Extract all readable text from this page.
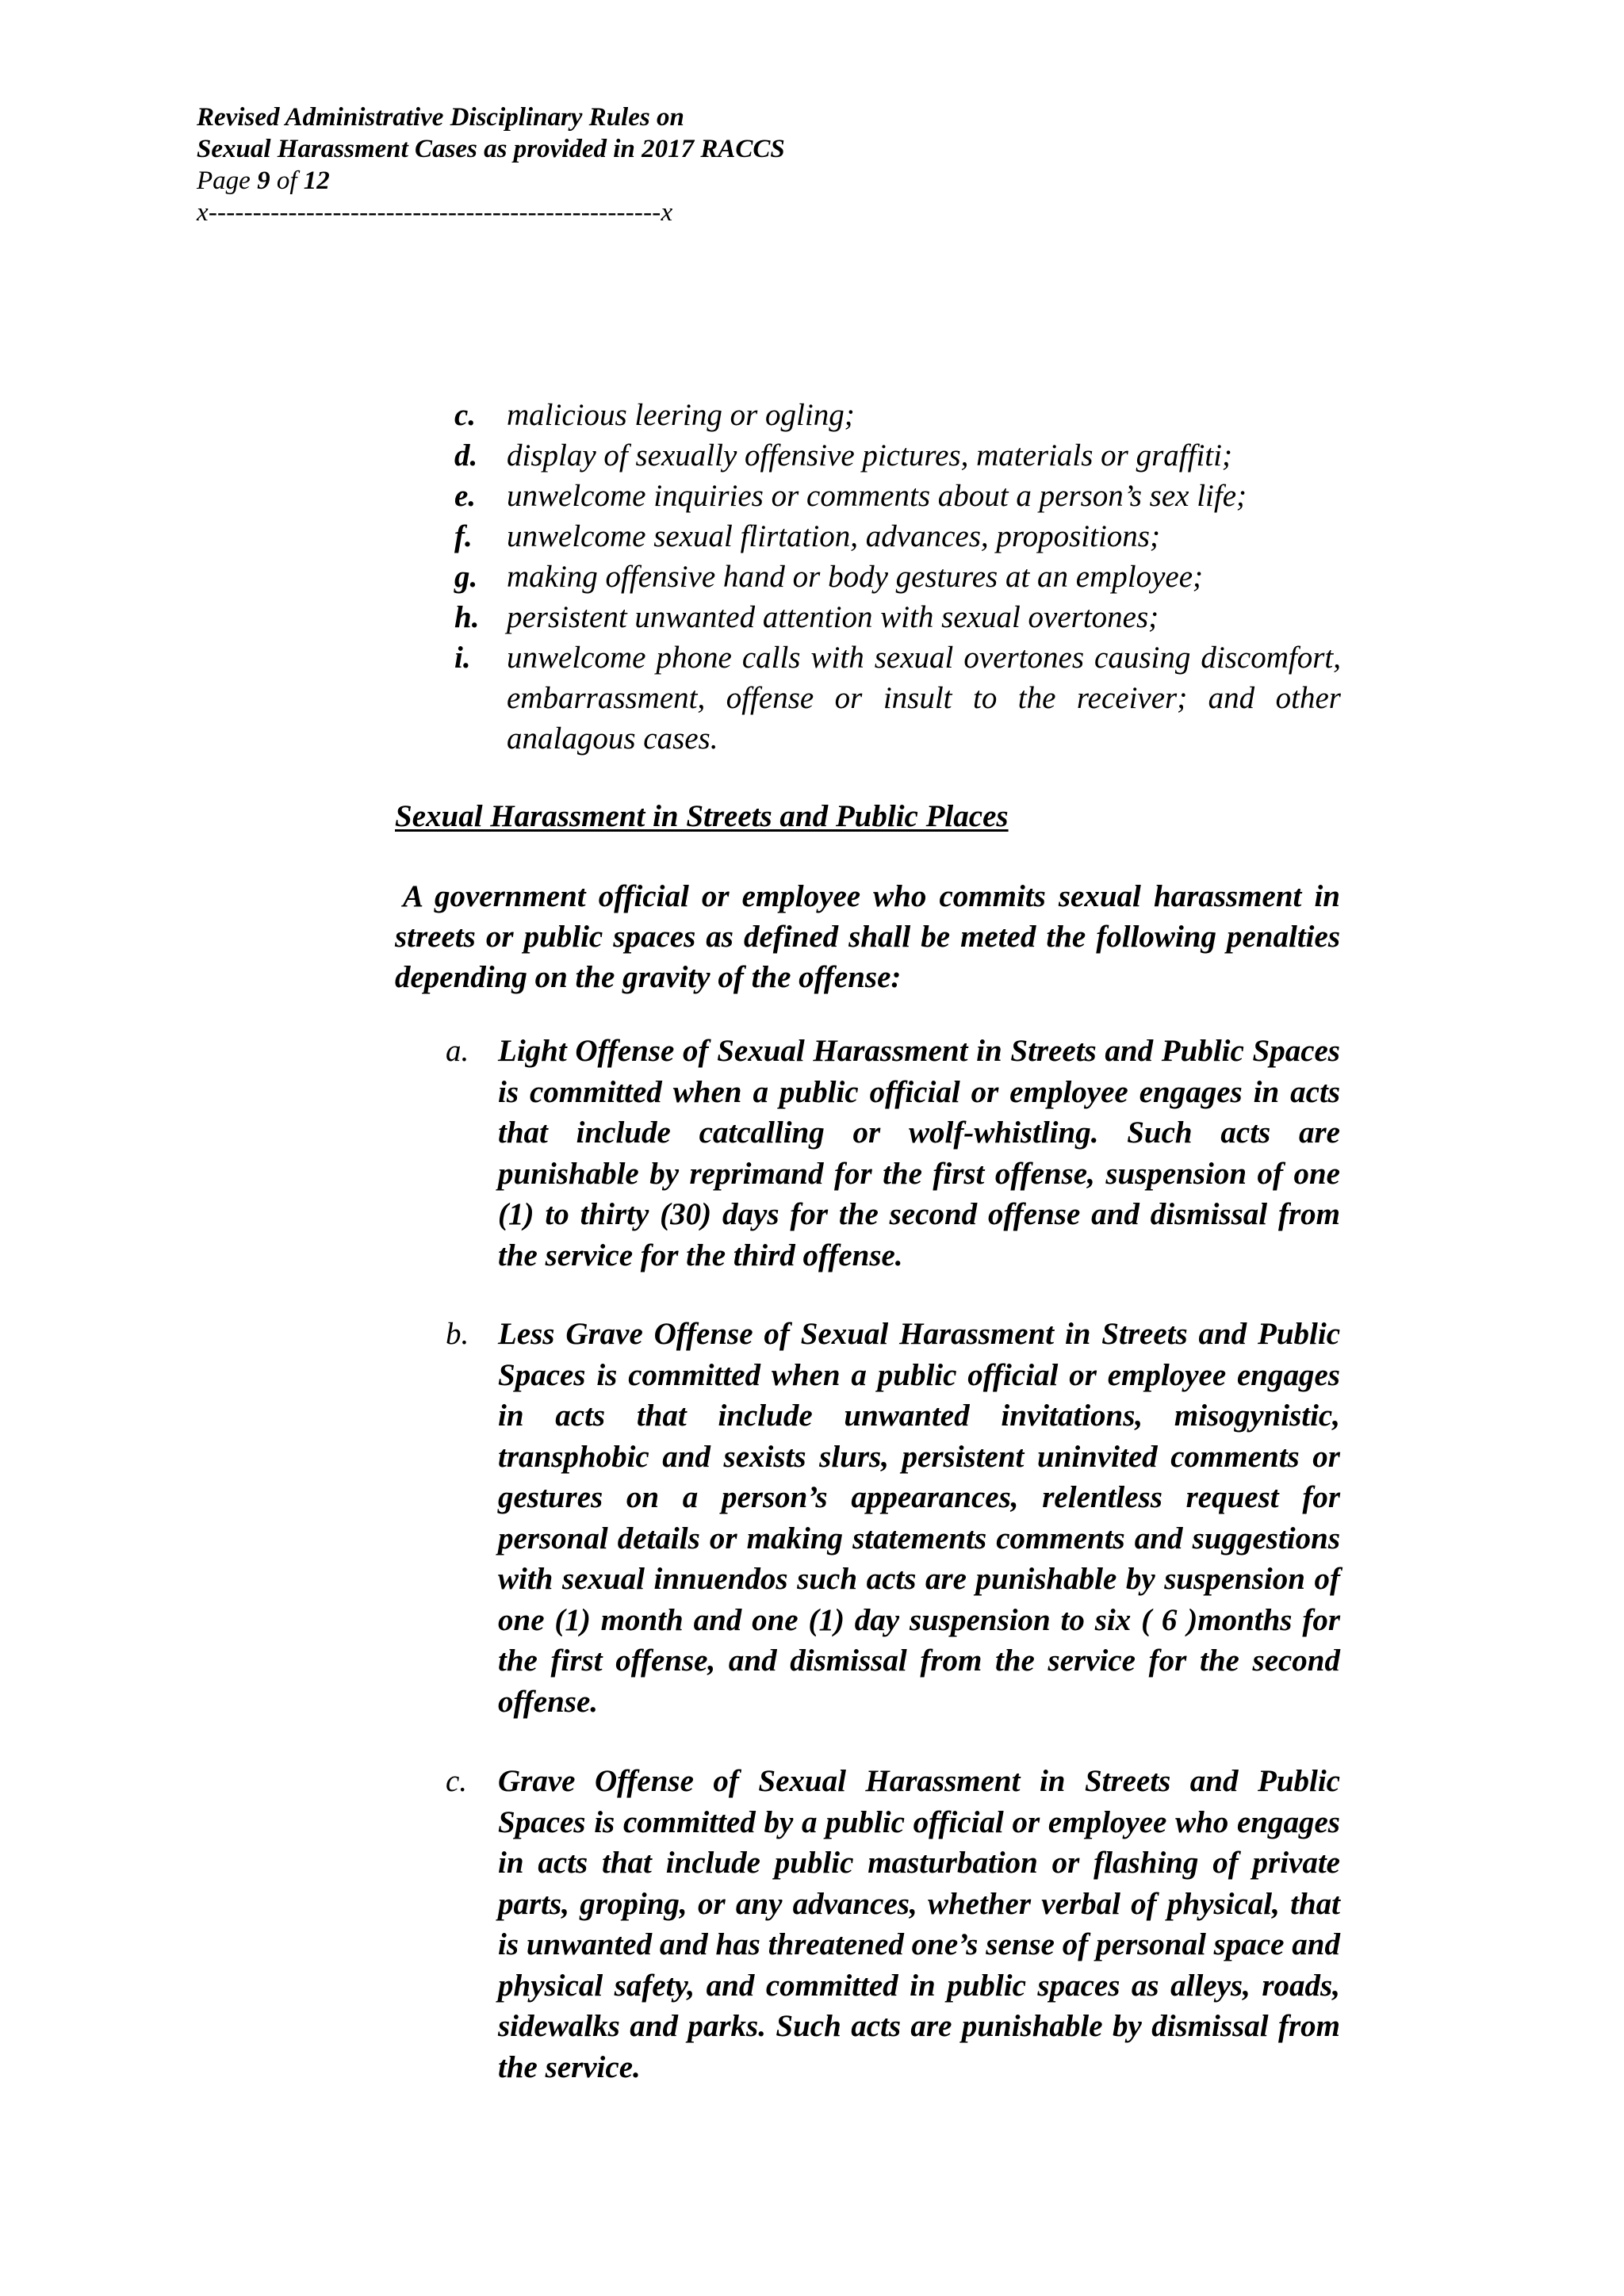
Revised Administrative Disciplinary Rules on
Sexual Harassment Cases as provided in 2017 RACCS
Page 9 of 12
x---------------------------------------------------x
c. malicious leering or ogling;
d. display of sexually offensive pictures, materials or graffiti;
e. unwelcome inquiries or comments about a person’s sex life;
f.	unwelcome sexual flirtation, advances, propositions;
g. making offensive hand or body gestures at an employee;
h. persistent unwanted attention with sexual overtones;
i.	unwelcome phone calls with sexual overtones causing discomfort, embarrassment, offense or insult to the receiver; and other analagous cases.
Sexual Harassment in Streets and Public Places
A government official or employee who commits sexual harassment in streets or public spaces as defined shall be meted the following penalties depending on the gravity of the offense:
a. Light Offense of Sexual Harassment in Streets and Public Spaces is committed when a public official or employee engages in acts that include catcalling or wolf-whistling. Such acts are punishable by reprimand for the first offense, suspension of one (1) to thirty (30) days for the second offense and dismissal from the service for the third offense.
b. Less Grave Offense of Sexual Harassment in Streets and Public Spaces is committed when a public official or employee engages in acts that include unwanted invitations, misogynistic, transphobic and sexists slurs, persistent uninvited comments or gestures on a person’s appearances, relentless request for personal details or making statements comments and suggestions with sexual innuendos such acts are punishable by suspension of one (1) month and one (1) day suspension to six ( 6 )months for the first offense, and dismissal from the service for the second offense.
c. Grave Offense of Sexual Harassment in Streets and Public Spaces is committed by a public official or employee who engages in acts that include public masturbation or flashing of private parts, groping, or any advances, whether verbal of physical, that is unwanted and has threatened one’s sense of personal space and physical safety, and committed in public spaces as alleys, roads, sidewalks and parks. Such acts are punishable by dismissal from the service.
